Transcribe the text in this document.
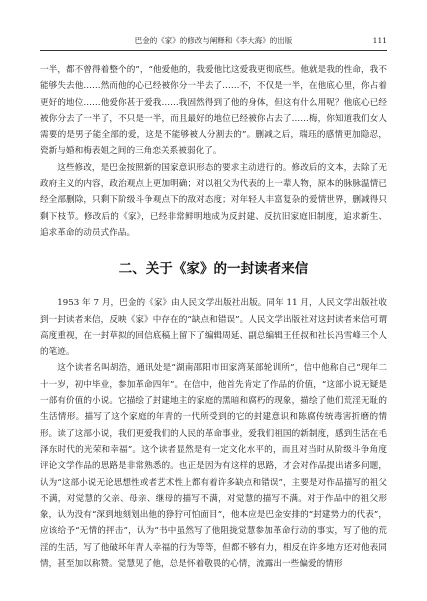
巴金的《家》的修改与阐释和《李大海》的出版	111

一半，都不曾得着整个的”，“他爱他的，我爱他比这爱我更彻底些。他就是我的性命，我不能够失去他……然而他的心已经被你分一半去了……不，不仅是一半，在他底心里，你占着更好的地位……他爱你甚于爱我……我固然得到了他的身体，但这有什么用呢？他底心已经被你分去了一半了，不只是一半，而且最好的地位已经被你占去了……梅，你知道我们女人需要的是男子能全部的爱，这是不能够被人分割去的”。删减之后，瑞珏的感情更加隐忍，瓷新与婚和梅表姐之间的三角恋关系被弱化了。

这些修改，是巴金按照新的国家意识形态的要求主动进行的。修改后的文本，去除了无政府主义的内容，政治观点上更加明确；对以祖父为代表的上一辈人物，原本的脉脉温情已经全部删除，只剩下阶级斗争观点下的敌对态度；对年轻人丰富复杂的爱情世界，删减得只剩下枝节。修改后的《家》，已经非常鲜明地成为反封建、反抗旧家庭旧制度，追求新生、追求革命的动员式作品。

二、关于《家》的一封读者来信

1953 年 7 月，巴金的《家》由人民文学出版社出版。同年 11 月，人民文学出版社收到一封读者来信，反映《家》中存在的“缺点和错误”。人民文学出版社对这封读者来信可谓高度重视，在一封草拟的回信底稿上留下了编辑周延、副总编辑王任叔和社长冯雪峰三个人的笔迹。

这个读者名叫胡浩，通讯处是“湖南邵阳市田家湾某部轮训所”，信中他称自己“现年二十一岁，初中毕业，参加革命四年”。在信中，他首先肯定了作品的价值，“这部小说无疑是一部有价值的小说。它描绘了封建地主的家庭的黑暗和腐朽的现象，描绘了他们荒淫无耻的生活情形。描写了这个家庭的年青的一代所受到的它的封建意识和陈腐传统毒害折磨的情形。读了这部小说，我们更爱我们的人民的革命事业，爱我们祖国的新制度，感到生活在毛泽东时代的光荣和幸福”。这个读者显然是有一定文化水平的，而且对当时从阶级斗争角度评论文学作品的思路是非常熟悉的。也正是因为有这样的思路，才会对作品提出诸多问题，认为“这部小说无论思想性或者艺术性上都有着许多缺点和错误”，主要是对作品描写的祖父不满，对觉慧的父亲、母亲、继母的描写不满，对觉慧的描写不满。对于作品中的祖父形象，认为没有“深到地刻划出他的狰狞可怕面目”，他本应是巴金安排的“封建势力的代表”，应该给予“无情的抨击”，认为“书中虽然写了他阻拢觉慧参加革命行动的事实，写了他的荒淫的生活，写了他破坏年青人幸福的行为等等，但都不够有力，相反在许多地方还对他表同情，甚至加以称赞。觉慧见了他，总是怀着敬畏的心情，流露出一些偏爱的情形
